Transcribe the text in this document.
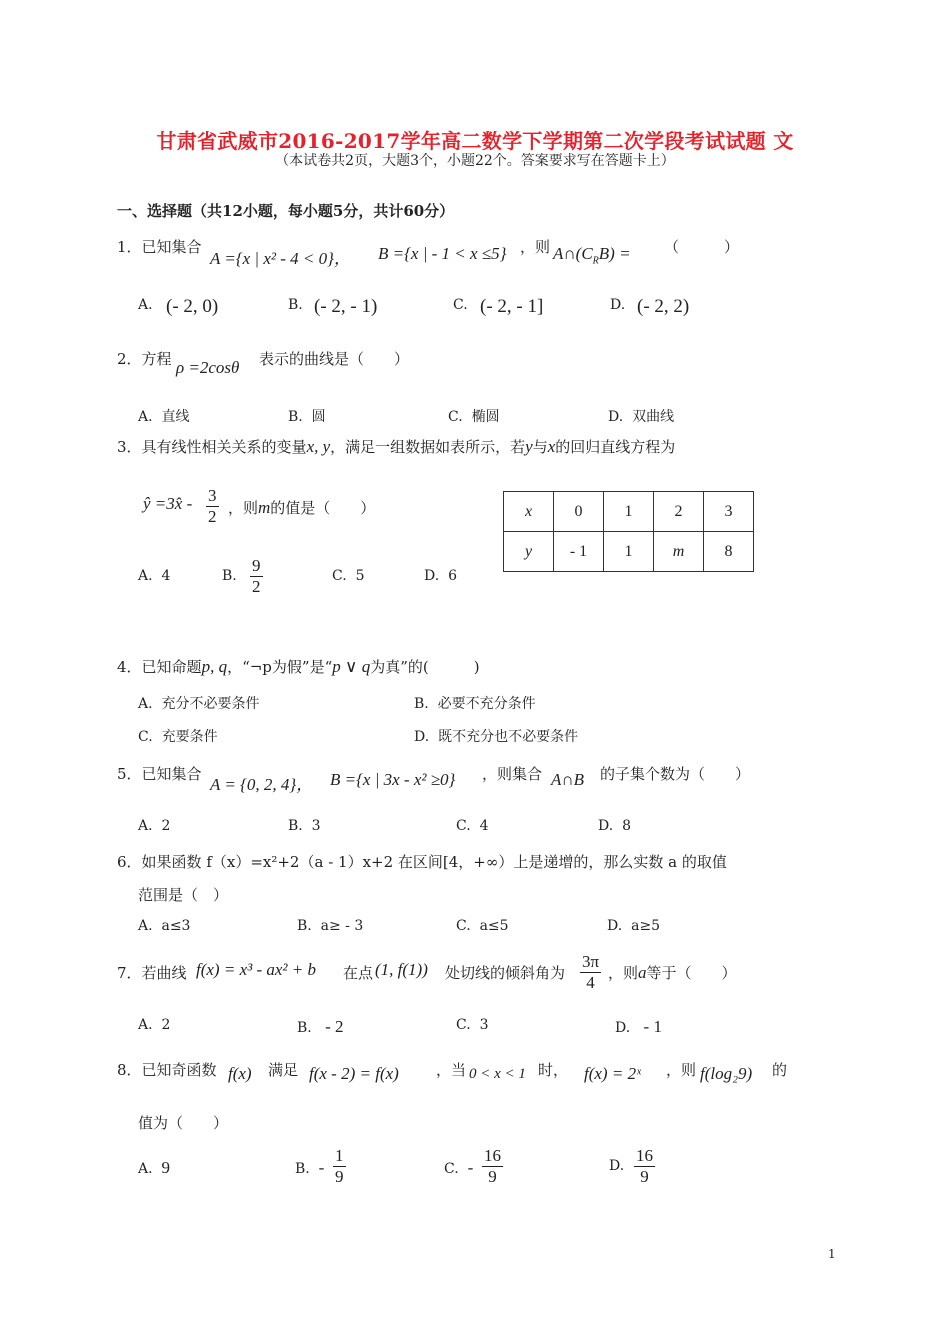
甘肃省武威市2016-2017学年高二数学下学期第二次学段考试试题 文
（本试卷共2页，大题3个，小题22个。答案要求写在答题卡上）
一、选择题（共12小题，每小题5分，共计60分）
1．已知集合
A ={x | x² - 4 < 0}， B ={x | - 1 < x ≤5} ，则 $A\cap(C_RB)$ = （　　　）
A. (- 2, 0)	B. (- 2, - 1)	C. (- 2, - 1]	D. (- 2, 2)
2．方程 ρ =2cosθ 表示的曲线是（　　）
A. 直线	B. 圆	C. 椭圆	D. 双曲线
3．具有线性相关关系的变量x, y，满足一组数据如表所示，若y与x的回归直线方程为
ŷ =3x̂ - $\frac{3}{2}$ ，则m的值是（　　）	x	0	1	2	3
y	- 1	1	m	8
A. 4	B. $\frac{9}{2}$	C. 5	D. 6
4．已知命题p, q，“¬p为假”是“p ∨ q为真”的(　　　)
A. 充分不必要条件	B. 必要不充分条件
C. 充要条件	D. 既不充分也不必要条件
5．已知集合
A = {0, 2, 4}， B ={x | 3x - x² ≥0} ，则集合 A∩B 的子集个数为（　　）
A. 2	B. 3	C. 4	D. 8
6．如果函数 f（x）=x²+2（a - 1）x+2 在区间[4，+∞）上是递增的，那么实数 a 的取值
范围是（　）
A. a≤3	B. a≥ - 3	C. a≤5	D. a≥5
7．若曲线 f(x) = x³ - ax² + b 在点 (1, f(1)) 处切线的倾斜角为 $\frac{3\pi}{4}$ ，则a等于（　　）
A. 2	B. - 2	C. 3	D. - 1
8．已知奇函数 f(x) 满足 f(x - 2) = f(x) ，当 0 < x < 1 时， f(x) = 2ˣ ，则 f(log₂9) 的
值为（　　）
A. 9	B. - $\frac{1}{9}$	C. - $\frac{16}{9}$	D. $\frac{16}{9}$
1
